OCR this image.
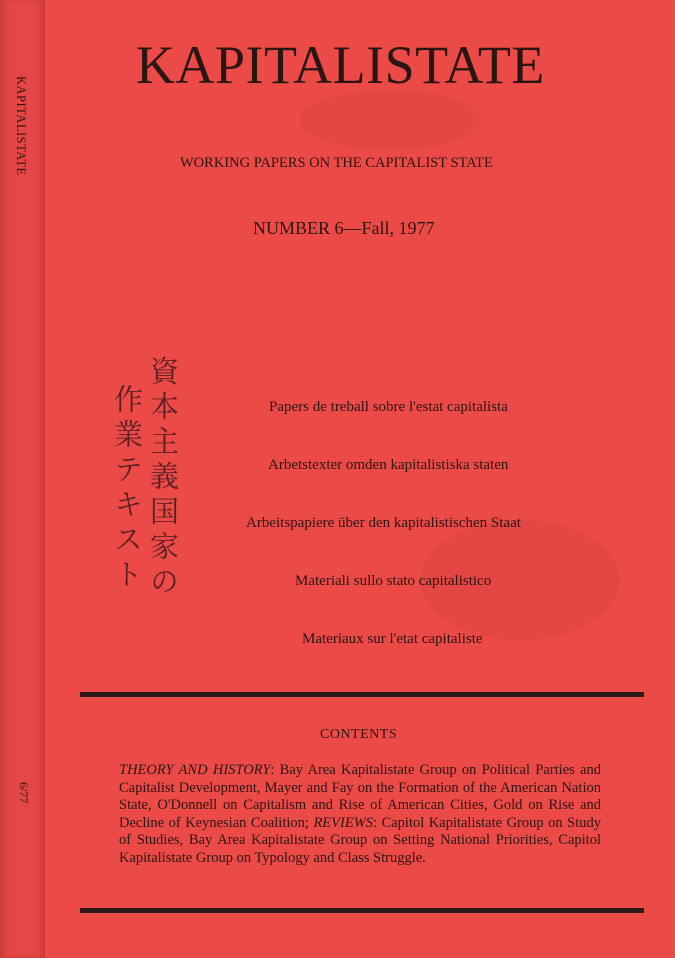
KAPITALISTATE
6/77
KAPITALISTATE
WORKING PAPERS ON THE CAPITALIST STATE
NUMBER 6—Fall, 1977
資本主義国家の
作業テキスト	Papers de treball sobre l'estat capitalista
Arbetstexter omden kapitalistiska staten
Arbeitspapiere über den kapitalistischen Staat
Materiali sullo stato capitalistico
Materiaux sur l'etat capitaliste
CONTENTS
THEORY AND HISTORY: Bay Area Kapitalistate Group on Political Parties and Capitalist Development, Mayer and Fay on the Formation of the American Nation State, O'Donnell on Capitalism and Rise of American Cities, Gold on Rise and Decline of Keynesian Coalition; REVIEWS: Capitol Kapitalistate Group on Study of Studies, Bay Area Kapitalistate Group on Setting National Priorities, Capitol Kapitalistate Group on Typology and Class Struggle.
